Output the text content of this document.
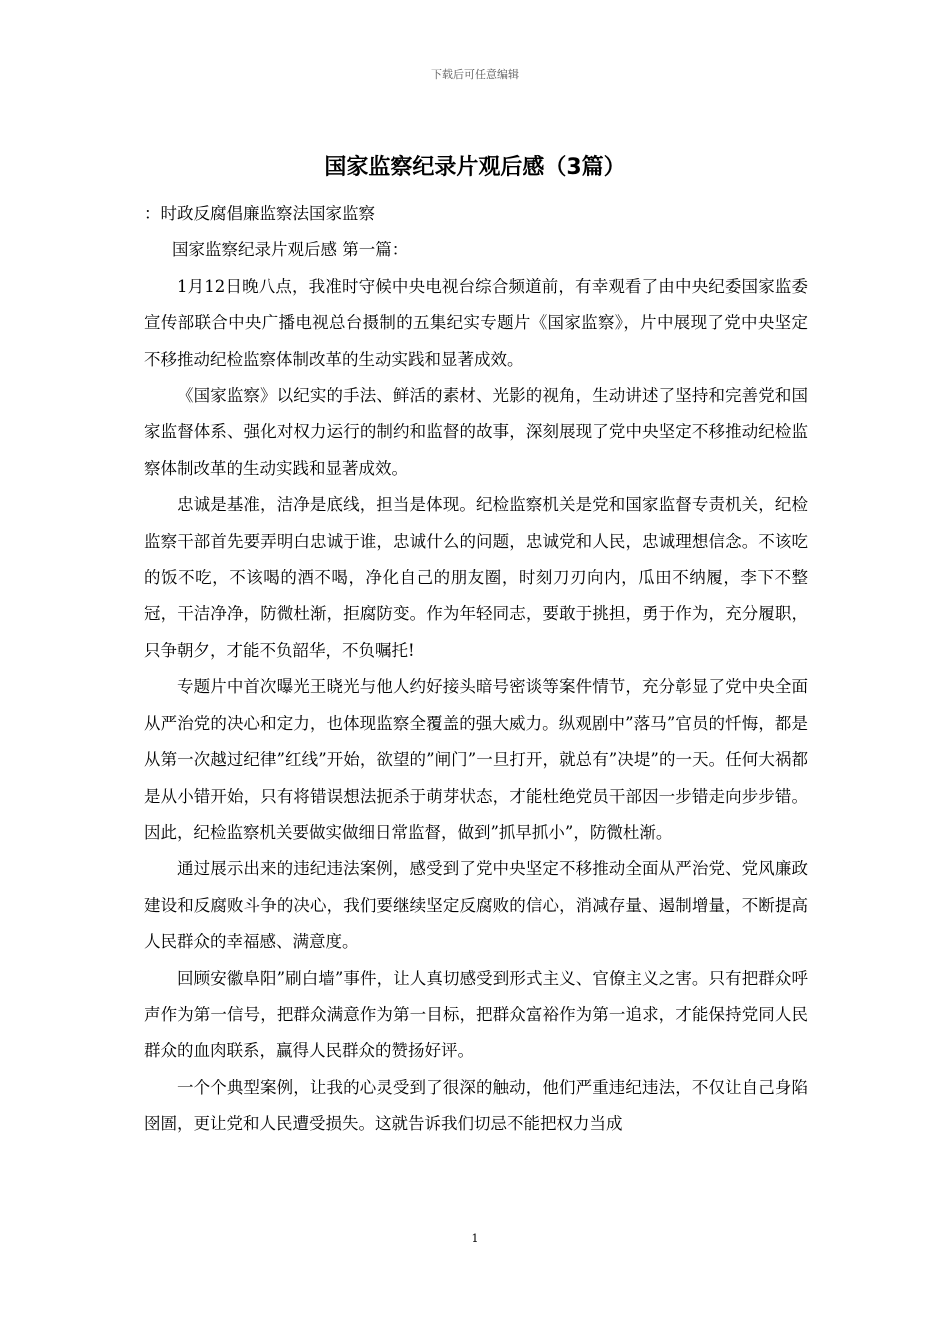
下载后可任意编辑
国家监察纪录片观后感（3篇）

：时政反腐倡廉监察法国家监察

国家监察纪录片观后感 第一篇：

1月12日晚八点，我准时守候中央电视台综合频道前，有幸观看了由中央纪委国家监委宣传部联合中央广播电视总台摄制的五集纪实专题片《国家监察》，片中展现了党中央坚定不移推动纪检监察体制改革的生动实践和显著成效。

《国家监察》以纪实的手法、鲜活的素材、光影的视角，生动讲述了坚持和完善党和国家监督体系、强化对权力运行的制约和监督的故事，深刻展现了党中央坚定不移推动纪检监察体制改革的生动实践和显著成效。

忠诚是基准，洁净是底线，担当是体现。纪检监察机关是党和国家监督专责机关，纪检监察干部首先要弄明白忠诚于谁，忠诚什么的问题，忠诚党和人民，忠诚理想信念。不该吃的饭不吃，不该喝的酒不喝，净化自己的朋友圈，时刻刀刃向内，瓜田不纳履，李下不整冠，干洁净净，防微杜渐，拒腐防变。作为年轻同志，要敢于挑担，勇于作为，充分履职，只争朝夕，才能不负韶华，不负嘱托!

专题片中首次曝光王晓光与他人约好接头暗号密谈等案件情节，充分彰显了党中央全面从严治党的决心和定力，也体现监察全覆盖的强大威力。纵观剧中”落马”官员的忏悔，都是从第一次越过纪律”红线”开始，欲望的”闸门”一旦打开，就总有”决堤”的一天。任何大祸都是从小错开始，只有将错误想法扼杀于萌芽状态，才能杜绝党员干部因一步错走向步步错。因此，纪检监察机关要做实做细日常监督，做到”抓早抓小”，防微杜渐。

通过展示出来的违纪违法案例，感受到了党中央坚定不移推动全面从严治党、党风廉政建设和反腐败斗争的决心，我们要继续坚定反腐败的信心，消减存量、遏制增量，不断提高人民群众的幸福感、满意度。

回顾安徽阜阳”刷白墙”事件，让人真切感受到形式主义、官僚主义之害。只有把群众呼声作为第一信号，把群众满意作为第一目标，把群众富裕作为第一追求，才能保持党同人民群众的血肉联系，赢得人民群众的赞扬好评。

一个个典型案例，让我的心灵受到了很深的触动，他们严重违纪违法，不仅让自己身陷囹圄，更让党和人民遭受损失。这就告诉我们切忌不能把权力当成

1
